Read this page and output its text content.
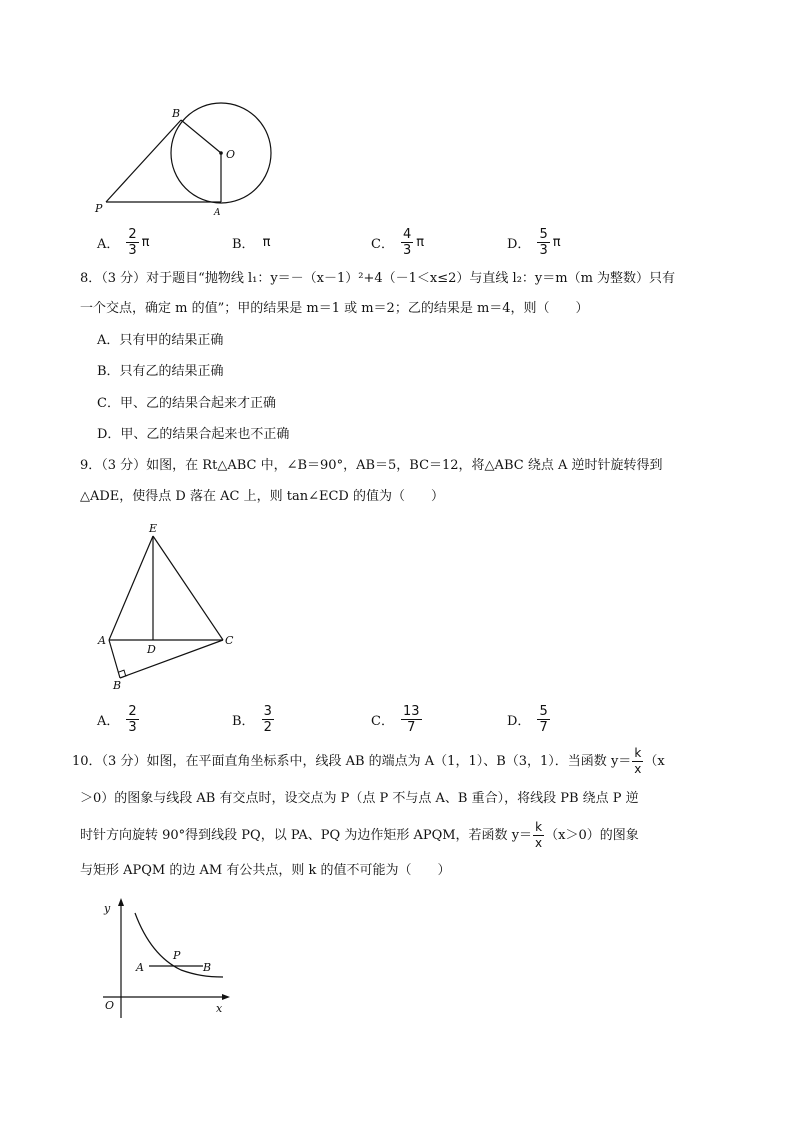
B
O
P	A
A． $\frac{2}{3}$ π	B． π	C． $\frac{4}{3}$ π	D． $\frac{5}{3}$ π
8．（3 分）对于题目“抛物线 l₁：y＝－（x－1）²+4（－1＜x≤2）与直线 l₂：y＝m（m 为整数）只有
一个交点，确定 m 的值”；甲的结果是 m＝1 或 m＝2；乙的结果是 m＝4，则（　　）
A．只有甲的结果正确
B．只有乙的结果正确
C．甲、乙的结果合起来才正确
D．甲、乙的结果合起来也不正确
9．（3 分）如图，在 Rt△ABC 中，∠B＝90°，AB＝5，BC＝12，将△ABC 绕点 A 逆时针旋转得到
△ADE，使得点 D 落在 AC 上，则 tan∠ECD 的值为（　　）
E
A
D
C
B
A． $\frac{2}{3}$	B． $\frac{3}{2}$	C． $\frac{13}{7}$	D． $\frac{5}{7}$
10．（3 分）如图，在平面直角坐标系中，线段 AB 的端点为 A（1，1）、B（3，1）．当函数 $y= \frac{k}{x} (x$
＞0）的图象与线段 AB 有交点时，设交点为 P（点 P 不与点 A、B 重合），将线段 PB 绕点 P 逆
时针方向旋转 90°得到线段 PQ，以 PA、PQ 为边作矩形 APQM，若函数 $y= \frac{k}{x} (x>0)$的图象
与矩形 APQM 的边 AM 有公共点，则 k 的值不可能为（　　）
y
x
O
A
P
B
